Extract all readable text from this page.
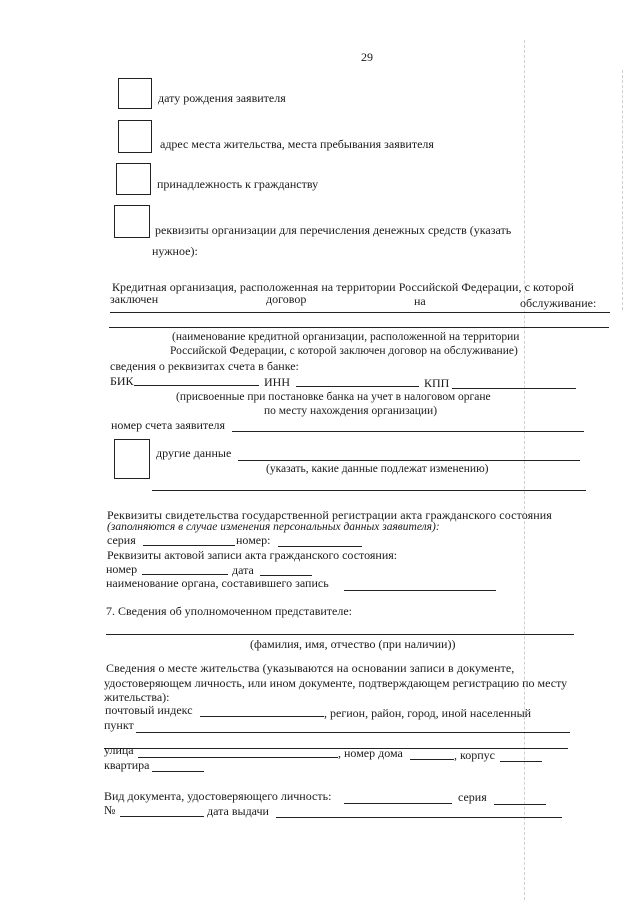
29
дату рождения заявителя
адрес места жительства, места пребывания заявителя
принадлежность к гражданству
реквизиты организации для перечисления денежных средств (указать
нужное):
Кредитная организация, расположенная на территории Российской Федерации, с которой
заключен	договор	на	обслуживание:
(наименование кредитной организации, расположенной на территории
Российской Федерации, с которой заключен договор на обслуживание)
сведения о реквизитах счета в банке:
БИК	ИНН	КПП
(присвоенные при постановке банка на учет в налоговом органе
по месту нахождения организации)
номер счета заявителя
другие данные
(указать, какие данные подлежат изменению)
Реквизиты свидетельства государственной регистрации акта гражданского состояния
(заполняются в случае изменения персональных данных заявителя):
серия	номер:
Реквизиты актовой записи акта гражданского состояния:
номер	дата
наименование органа, составившего запись
7. Сведения об уполномоченном представителе:
(фамилия, имя, отчество (при наличии))
Сведения о месте жительства (указываются на основании записи в документе,
удостоверяющем личность, или ином документе, подтверждающем регистрацию по месту
жительства):
почтовый индекс	, регион, район, город, иной населенный
пункт
улица	, номер дома	, корпус
квартира
Вид документа, удостоверяющего личность:	серия
№	дата выдачи
